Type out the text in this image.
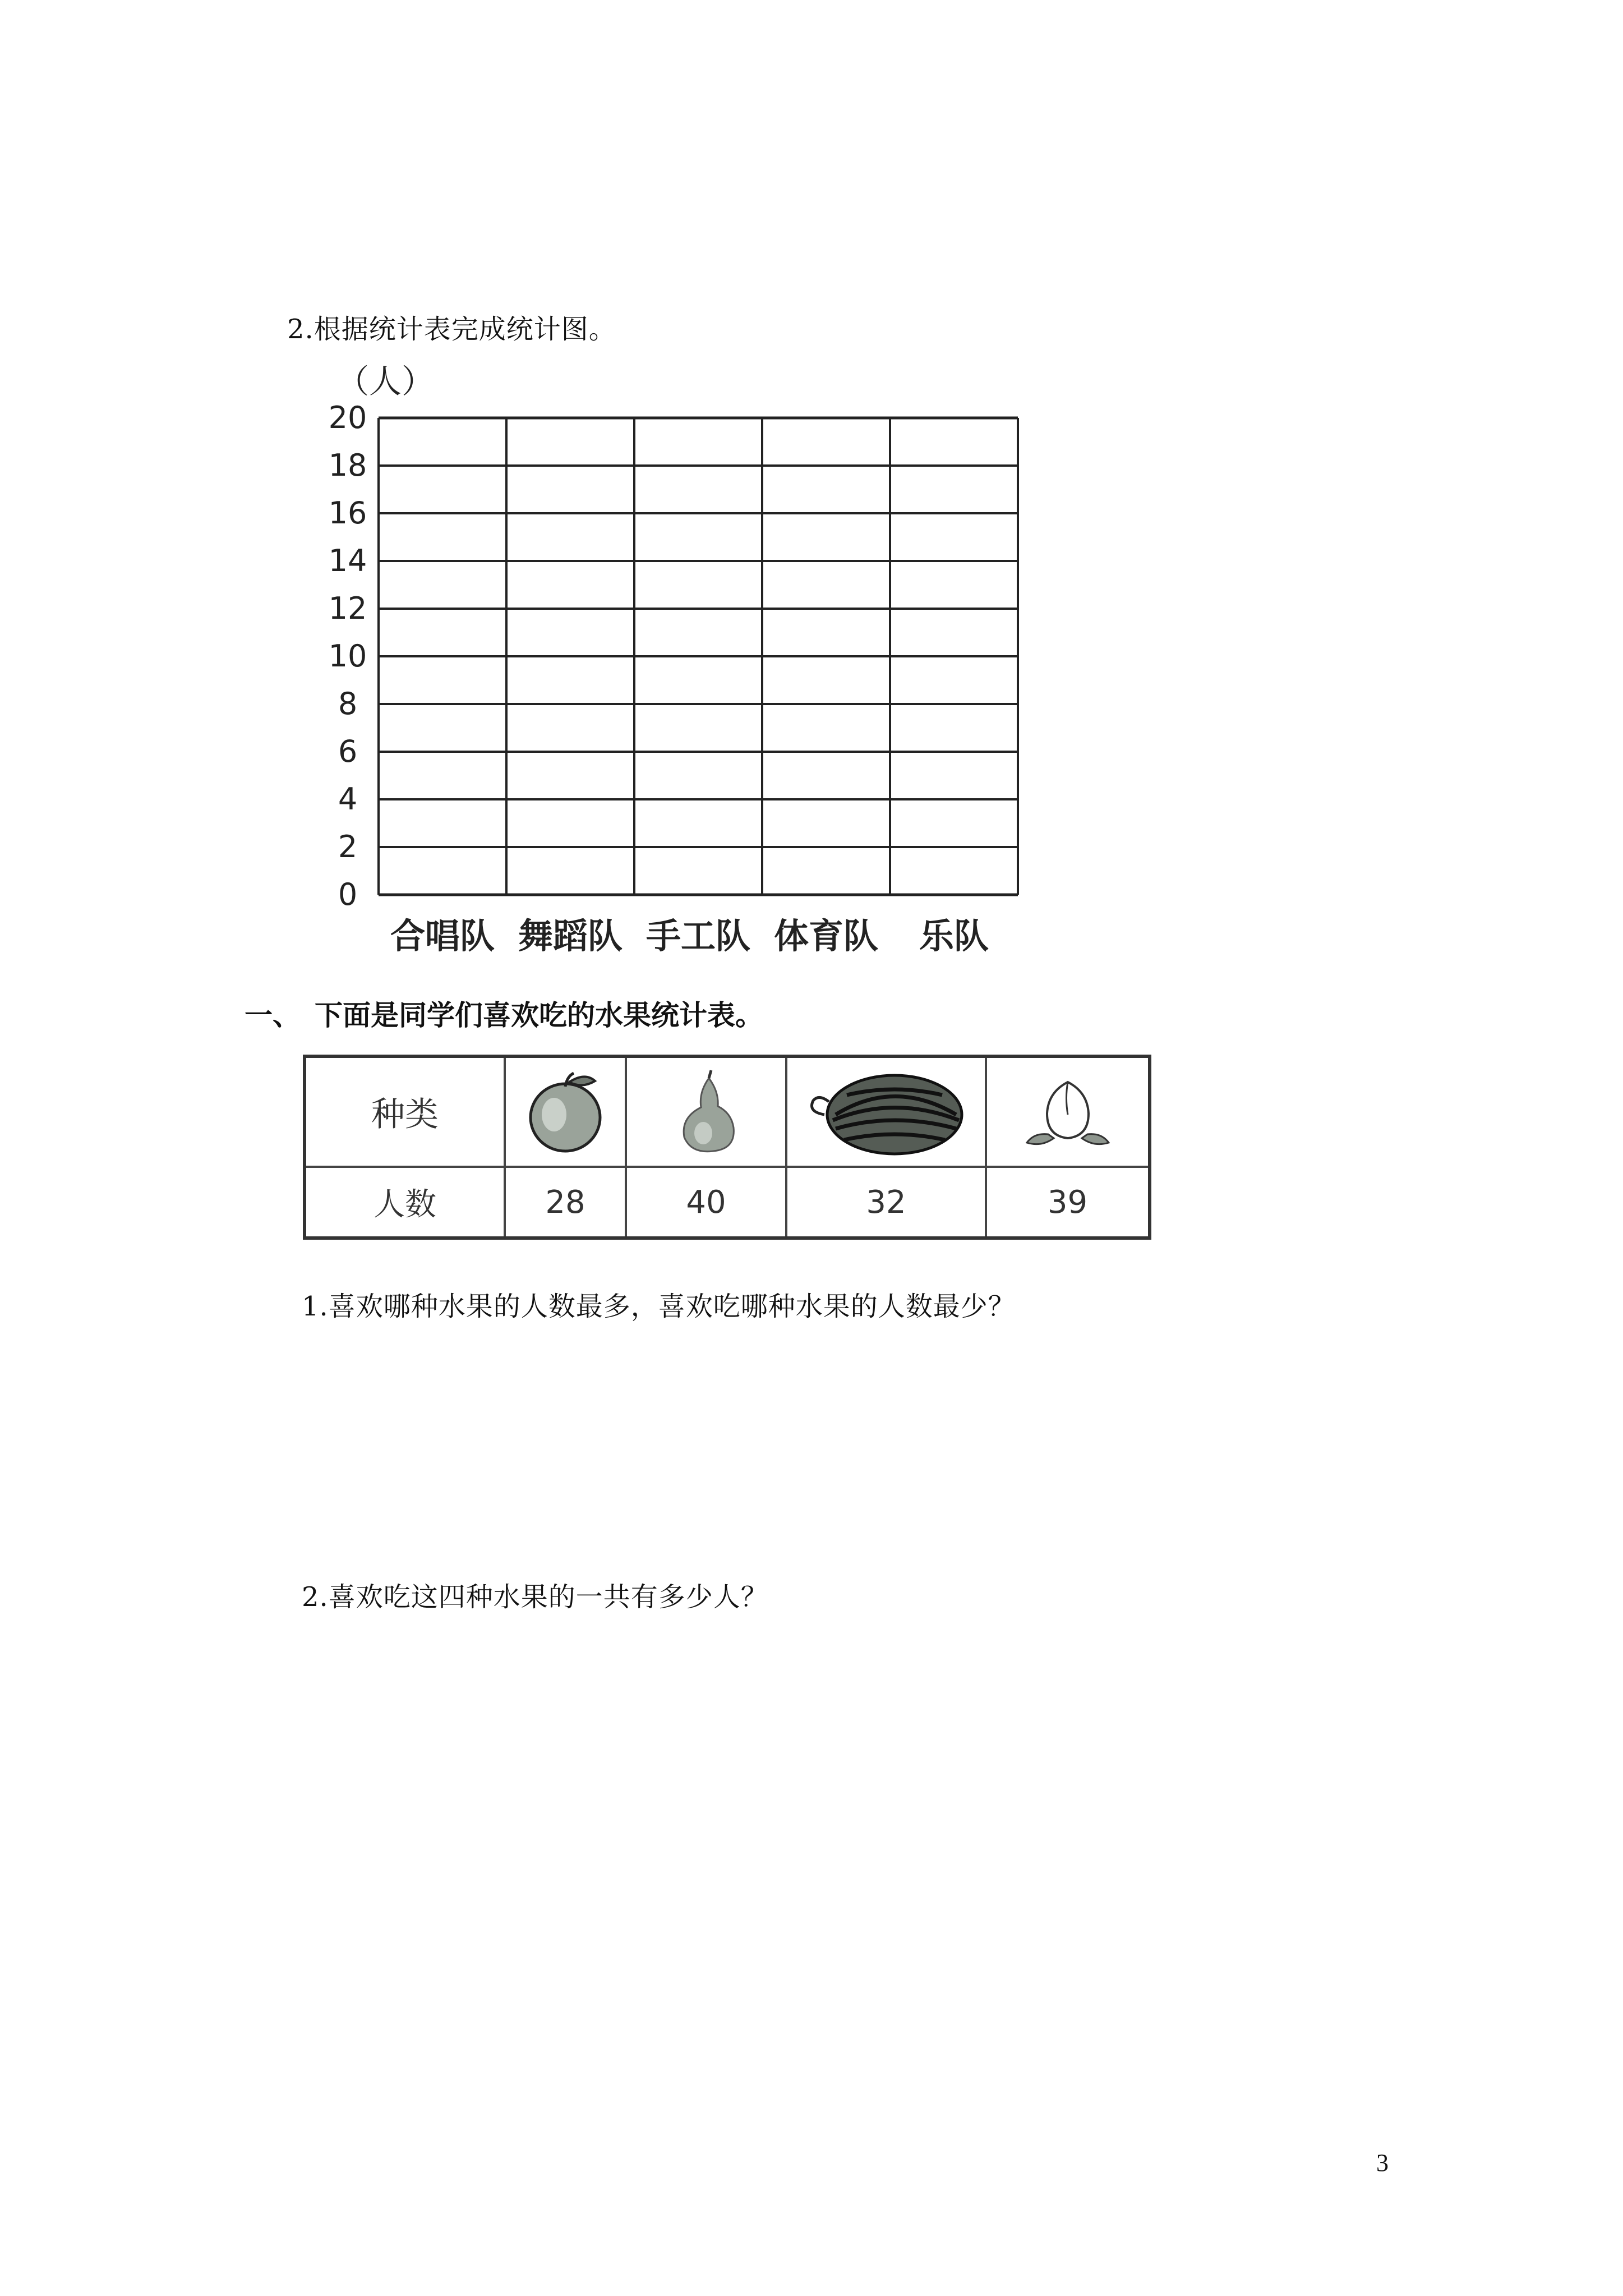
2.根据统计表完成统计图。
（人）
20
18
16
14
12
10
8
6
4
2
0
合唱队 舞蹈队 手工队 体育队 乐队
一、　下面是同学们喜欢吃的水果统计表。
种类	

人数	28	40	32	39
1.喜欢哪种水果的人数最多，喜欢吃哪种水果的人数最少？
2.喜欢吃这四种水果的一共有多少人？
3
